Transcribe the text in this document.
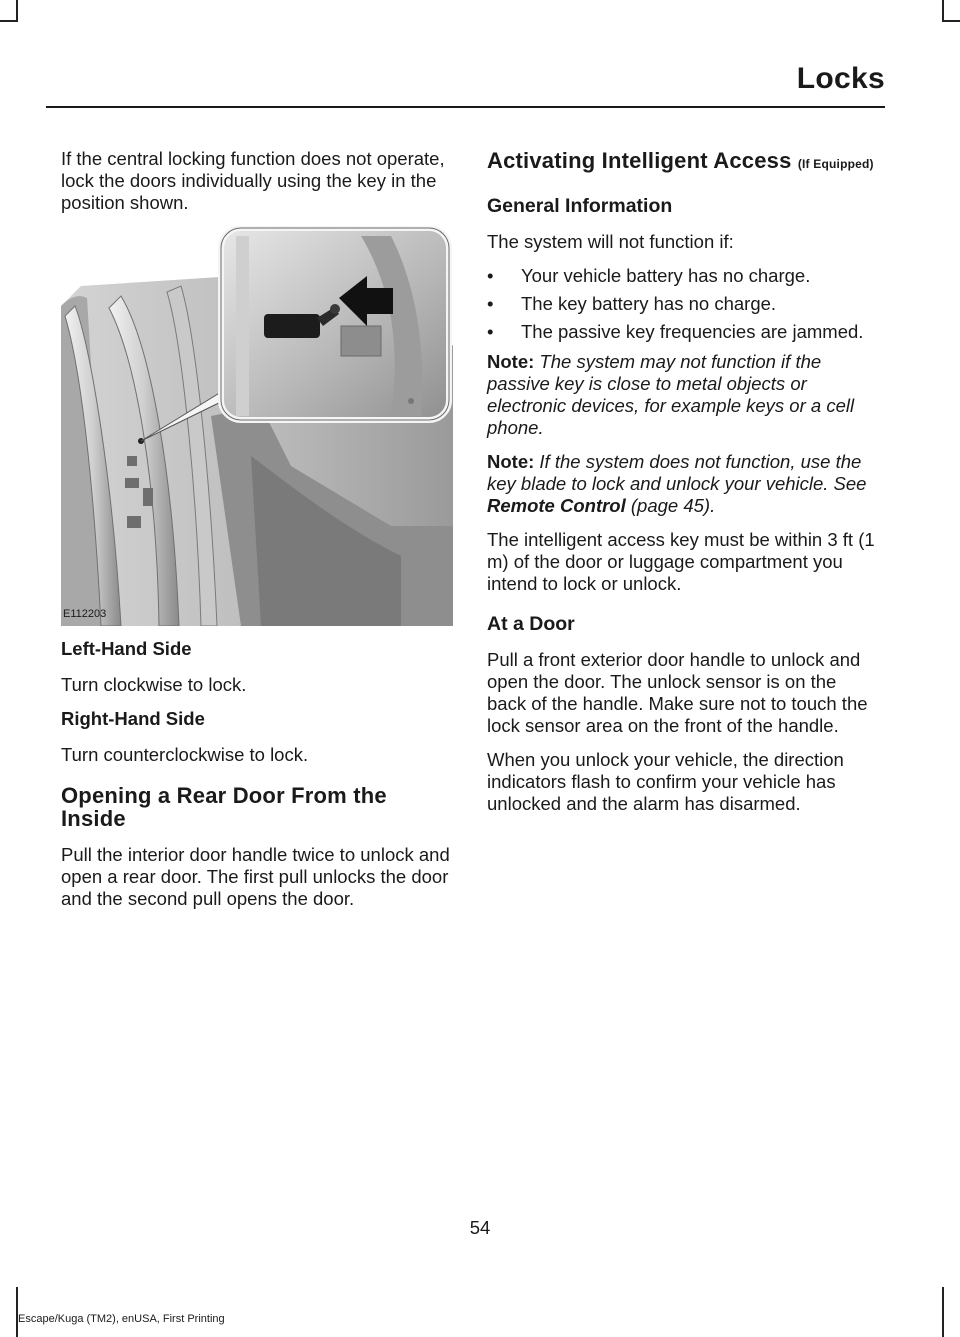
Locks

If the central locking function does not operate, lock the doors individually using the key in the position shown.

E112203
Left-Hand Side

Turn clockwise to lock.

Right-Hand Side

Turn counterclockwise to lock.

Opening a Rear Door From the Inside

Pull the interior door handle twice to unlock and open a rear door. The first pull unlocks the door and the second pull opens the door.

Activating Intelligent Access (If Equipped)
General Information

The system will not function if:

• Your vehicle battery has no charge.
• The key battery has no charge.
• The passive key frequencies are jammed.

Note: The system may not function if the passive key is close to metal objects or electronic devices, for example keys or a cell phone.

Note: If the system does not function, use the key blade to lock and unlock your vehicle. See Remote Control (page 45).

The intelligent access key must be within 3 ft (1 m) of the door or luggage compartment you intend to lock or unlock.

At a Door

Pull a front exterior door handle to unlock and open the door. The unlock sensor is on the back of the handle. Make sure not to touch the lock sensor area on the front of the handle.

When you unlock your vehicle, the direction indicators flash to confirm your vehicle has unlocked and the alarm has disarmed.

54
Escape/Kuga (TM2), enUSA, First Printing
